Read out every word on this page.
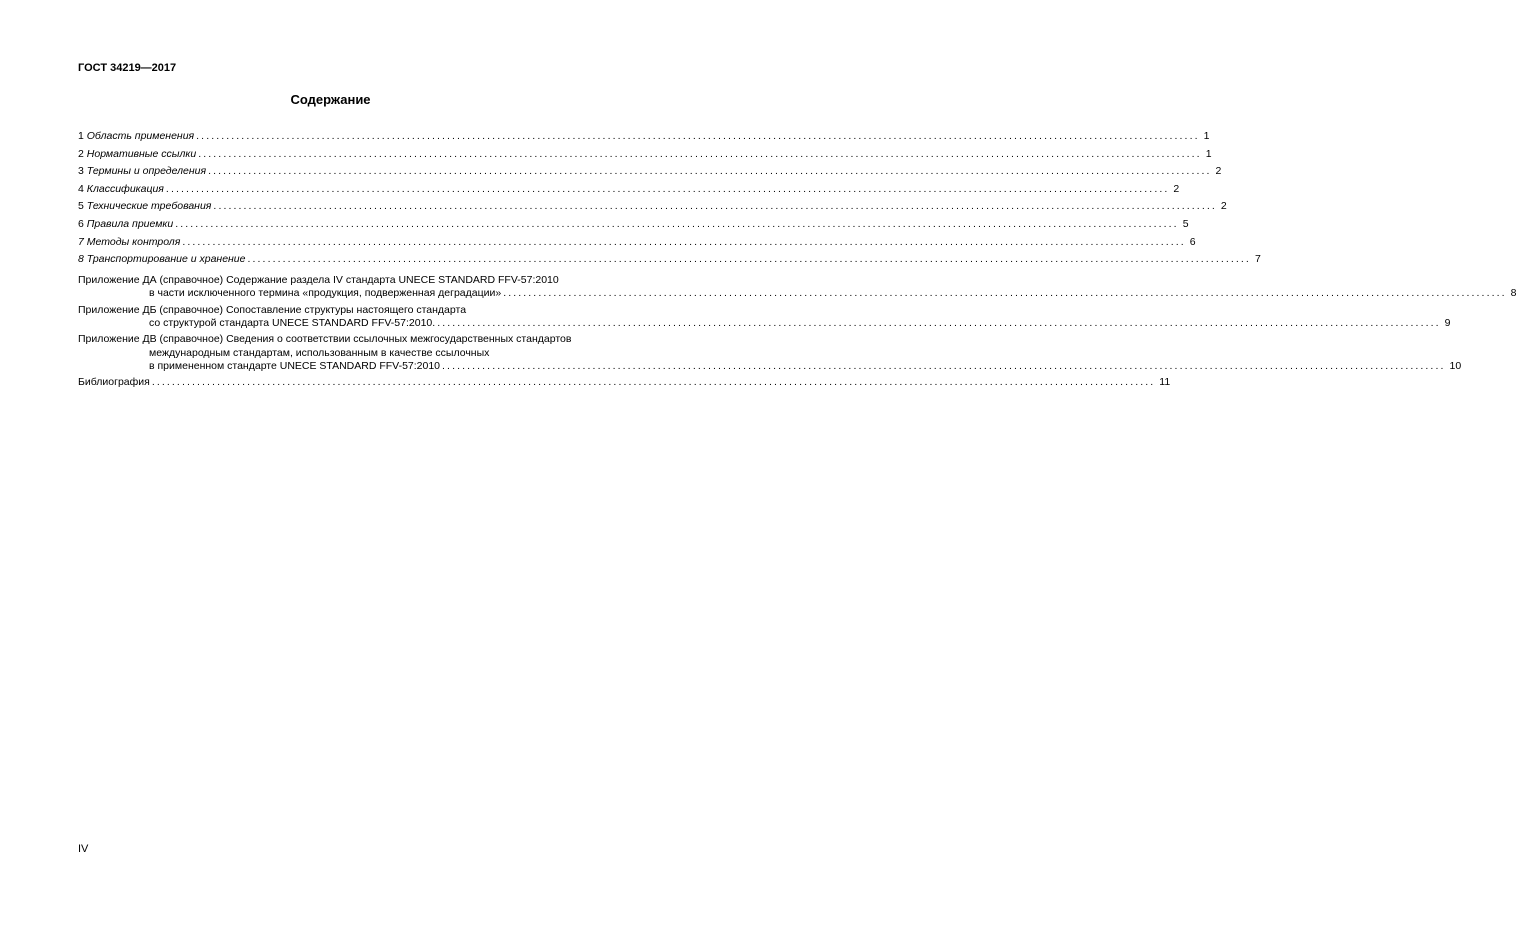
ГОСТ 34219—2017
Содержание
1 Область применения ........................................................................................................................................................................................................ 1
2 Нормативные ссылки ........................................................................................................................................................................................................ 1
3 Термины и определения ........................................................................................................................................................................................................ 2
4 Классификация ........................................................................................................................................................................................................ 2
5 Технические требования ........................................................................................................................................................................................................ 2
6 Правила приемки ........................................................................................................................................................................................................ 5
7 Методы контроля ........................................................................................................................................................................................................ 6
8 Транспортирование и хранение ........................................................................................................................................................................................................ 7
Приложение ДА (справочное) Содержание раздела IV стандарта UNECE STANDARD FFV-57:2010
в части исключенного термина «продукция, подверженная деградации» ........................................................................................................................................................................................................ 8
Приложение ДБ (справочное) Сопоставление структуры настоящего стандарта
со структурой стандарта UNECE STANDARD FFV-57:2010. ........................................................................................................................................................................................................ 9
Приложение ДВ (справочное) Сведения о соответствии ссылочных межгосударственных стандартов
международным стандартам, использованным в качестве ссылочных
в примененном стандарте UNECE STANDARD FFV-57:2010 ........................................................................................................................................................................................................ 10
Библиография ........................................................................................................................................................................................................ 11
IV
